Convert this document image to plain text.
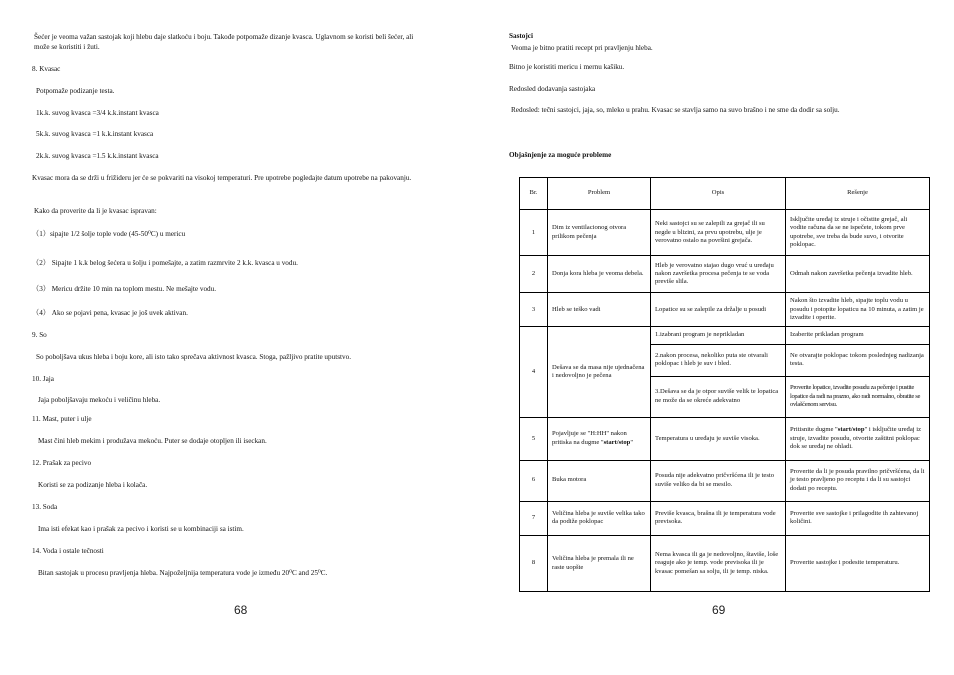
Šećer je veoma važan sastojak koji hlebu daje slatkoću i boju. Takođe potpomaže dizanje kvasca. Uglavnom se koristi beli šećer, ali može se koristiti i žuti.
8. Kvasac
Potpomaže podizanje testa.
1k.k. suvog kvasca =3/4 k.k.instant kvasca
5k.k. suvog kvasca =1 k.k.instant kvasca
2k.k. suvog kvasca =1.5 k.k.instant kvasca
Kvasac mora da se drži u frižideru jer će se pokvariti na visokoj temperaturi. Pre upotrebe pogledajte datum upotrebe na pakovanju.
Kako da proverite da li je kvasac ispravan:
（1）sipajte 1/2 šolje tople vode (45-50⁰C) u mericu
（2） Sipajte 1 k.k belog šećera u šolju i pomešajte, a zatim razmrvite 2 k.k. kvasca u vodu.
（3） Mericu držite 10 min na toplom mestu. Ne mešajte vodu.
（4） Ako se pojavi pena, kvasac je još uvek aktivan.
9. So
So poboljšava ukus hleba i boju kore, ali isto tako sprečava aktivnost kvasca. Stoga, pažljivo pratite uputstvo.
10. Jaja
Jaja poboljšavaju mekoću i veličinu hleba.
11. Mast, puter i ulje
Mast čini hleb mekim i produžava mekoću. Puter se dodaje otopljen ili iseckan.
12. Prašak za pecivo
Koristi se za podizanje hleba i kolača.
13. Soda
Ima isti efekat kao i prašak za pecivo i koristi se u kombinaciji sa istim.
14. Voda i ostale tečnosti
Bitan sastojak u procesu pravljenja hleba. Najpoželjnija temperatura vode je između 20⁰C and 25⁰C.
68
Sastojci
Veoma je bitno pratiti recept pri pravljenju hleba.
Bitno je koristiti mericu i mernu kašiku.
Redosled dodavanja sastojaka
Redosled: tečni sastojci, jaja, so, mleko u prahu. Kvasac se stavlja samo na suvo brašno i ne sme da dodir sa solju.
Objašnjenje za moguće probleme
69
Br.	Problem	Opis	Rešenje
1	Dim iz ventilacionog otvora prilikom pečenja	Neki sastojci su se zalepili za grejač ili su negde u blizini, za prvu upotrebu, ulje je verovatno ostalo na površini grejača.	Isključite uređaj iz struje i očistite grejač, ali vodite računa da se ne ispečete, tokom prve upotrebe, sve treba da bude suvo, i otvorite poklopac.
2	Donja kora hleba je veoma debela.	Hleb je verovatno stajao dugo vruć u uređaju nakon završetka procesa pečenja te se voda previše slila.	Odmah nakon završetka pečenja izvadite hleb.
3	Hleb se teško vadi	Lopatice su se zalepile za držalje u posudi	Nakon što izvadite hleb, sipajte toplu vodu u posudu i potopite lopaticu na 10 minuta, a zatim je izvadite i operite.
4	Dešava se da masa nije ujednačena i nedovoljno je pečena	1.izabrani program je neprikladan	Izaberite prikladan program
		2.nakon procesa, nekoliko puta ste otvarali poklopac i hleb je suv i bled.	Ne otvarajte poklopac tokom poslednjeg nadizanja testa.
		3.Dešava se da je otpor suviše velik te lopatica ne može da se okreće adekvatno	Proverite lopatice, izvadite posudu za pečenje i pustite lopatice da radi na prazno, ako radi normalno, obratite se ovlašćenom servisu.
5	Pojavljuje se "H:HH" nakon pritiska na dugme "start/stop"	Temperatura u uređaju je suviše visoka.	Pritisnite dugme "start/stop" i isključite uređaj iz struje, izvadite posudu, otvorite zaštitni poklopac dok se uređaj ne ohladi.
6	Buka motora	Posuda nije adekvatno pričvršćena ili je testo suviše veliko da bi se mesilo.	Proverite da li je posuda pravilno pričvršćena, da li je testo pravljeno po receptu i da li su sastojci dodati po receptu.
7	Veličina hleba je suviše velika tako da podiže poklopac	Previše kvasca, brašna ili je temperatura vode previsoka.	Proverite sve sastojke i prilagodite ih zahtevanoj količini.
8	Veličina hleba je premala ili ne raste uopšte	Nema kvasca ili ga je nedovoljno, štaviše, loše reaguje ako je temp. vode previsoka ili je kvasac pomešan sa solju, ili je temp. niska.	Proverite sastojke i podesite temperaturu.
